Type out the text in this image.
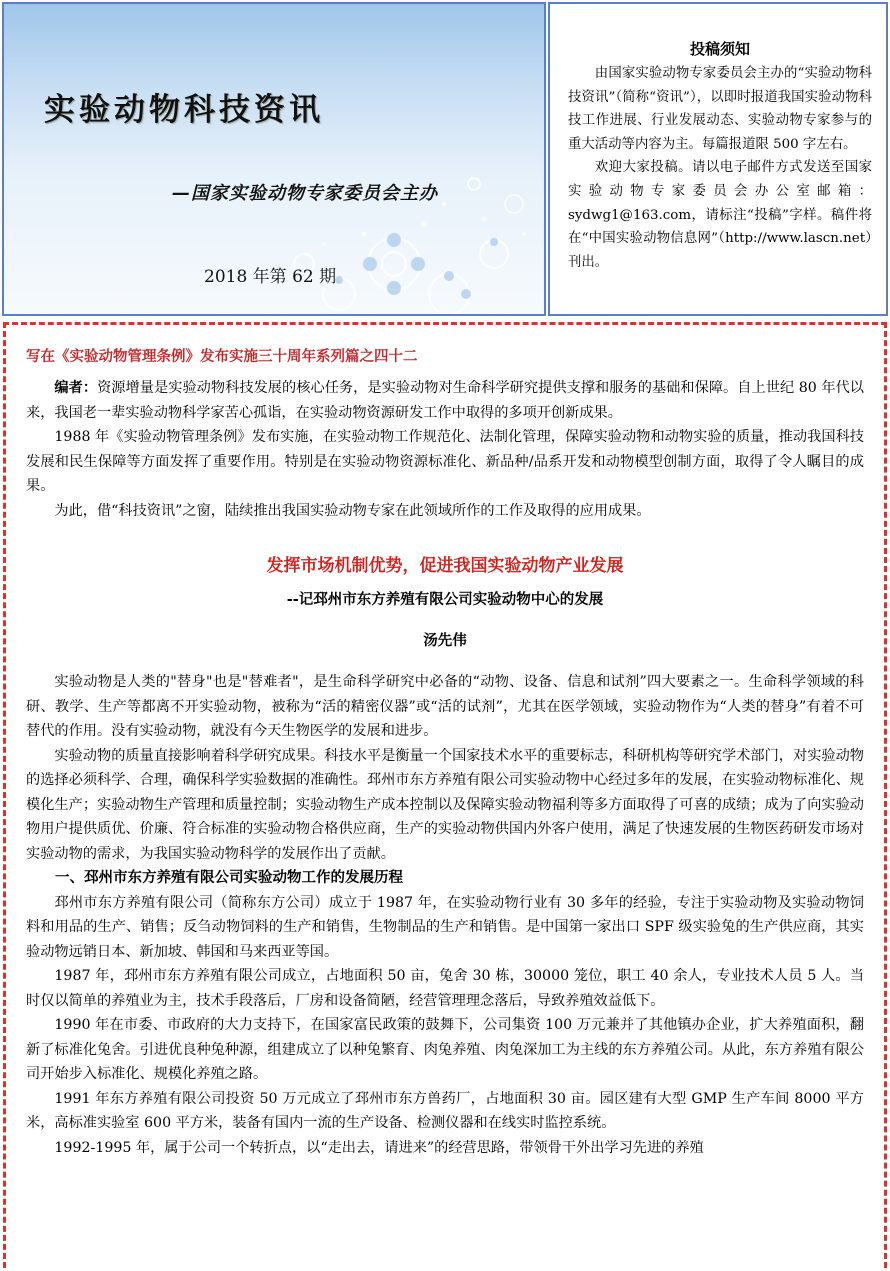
实验动物科技资讯
—国家实验动物专家委员会主办
2018 年第 62 期
投稿须知

由国家实验动物专家委员会主办的“实验动物科技资讯”（简称“资讯”），以即时报道我国实验动物科技工作进展、行业发展动态、实验动物专家参与的重大活动等内容为主。每篇报道限 500 字左右。

欢迎大家投稿。请以电子邮件方式发送至国家实验动物专家委员会办公室邮箱：sydwg1@163.com，请标注“投稿”字样。稿件将在“中国实验动物信息网”（http://www.lascn.net）刊出。

写在《实验动物管理条例》发布实施三十周年系列篇之四十二

编者：资源增量是实验动物科技发展的核心任务，是实验动物对生命科学研究提供支撑和服务的基础和保障。自上世纪 80 年代以来，我国老一辈实验动物科学家苦心孤诣，在实验动物资源研发工作中取得的多项开创新成果。

1988 年《实验动物管理条例》发布实施，在实验动物工作规范化、法制化管理，保障实验动物和动物实验的质量，推动我国科技发展和民生保障等方面发挥了重要作用。特别是在实验动物资源标准化、新品种/品系开发和动物模型创制方面，取得了令人瞩目的成果。

为此，借“科技资讯”之窗，陆续推出我国实验动物专家在此领域所作的工作及取得的应用成果。

发挥市场机制优势，促进我国实验动物产业发展
--记邳州市东方养殖有限公司实验动物中心的发展
汤先伟

实验动物是人类的"替身"也是"替难者"，是生命科学研究中必备的“动物、设备、信息和试剂”四大要素之一。生命科学领域的科研、教学、生产等都离不开实验动物，被称为“活的精密仪器”或“活的试剂”，尤其在医学领域，实验动物作为“人类的替身”有着不可替代的作用。没有实验动物，就没有今天生物医学的发展和进步。

实验动物的质量直接影响着科学研究成果。科技水平是衡量一个国家技术水平的重要标志，科研机构等研究学术部门，对实验动物的选择必须科学、合理，确保科学实验数据的准确性。邳州市东方养殖有限公司实验动物中心经过多年的发展，在实验动物标准化、规模化生产；实验动物生产管理和质量控制；实验动物生产成本控制以及保障实验动物福利等多方面取得了可喜的成绩；成为了向实验动物用户提供质优、价廉、符合标准的实验动物合格供应商，生产的实验动物供国内外客户使用，满足了快速发展的生物医药研发市场对实验动物的需求，为我国实验动物科学的发展作出了贡献。

一、邳州市东方养殖有限公司实验动物工作的发展历程

邳州市东方养殖有限公司（简称东方公司）成立于 1987 年，在实验动物行业有 30 多年的经验，专注于实验动物及实验动物饲料和用品的生产、销售；反刍动物饲料的生产和销售，生物制品的生产和销售。是中国第一家出口 SPF 级实验兔的生产供应商，其实验动物远销日本、新加坡、韩国和马来西亚等国。

1987 年，邳州市东方养殖有限公司成立，占地面积 50 亩，兔舍 30 栋，30000 笼位，职工 40 余人，专业技术人员 5 人。当时仅以简单的养殖业为主，技术手段落后，厂房和设备简陋，经营管理理念落后，导致养殖效益低下。

1990 年在市委、市政府的大力支持下，在国家富民政策的鼓舞下，公司集资 100 万元兼并了其他镇办企业，扩大养殖面积，翻新了标准化兔舍。引进优良种兔种源，组建成立了以种兔繁育、肉兔养殖、肉兔深加工为主线的东方养殖公司。从此，东方养殖有限公司开始步入标准化、规模化养殖之路。

1991 年东方养殖有限公司投资 50 万元成立了邳州市东方兽药厂，占地面积 30 亩。园区建有大型 GMP 生产车间 8000 平方米，高标准实验室 600 平方米，装备有国内一流的生产设备、检测仪器和在线实时监控系统。

1992-1995 年，属于公司一个转折点，以“走出去，请进来”的经营思路，带领骨干外出学习先进的养殖
